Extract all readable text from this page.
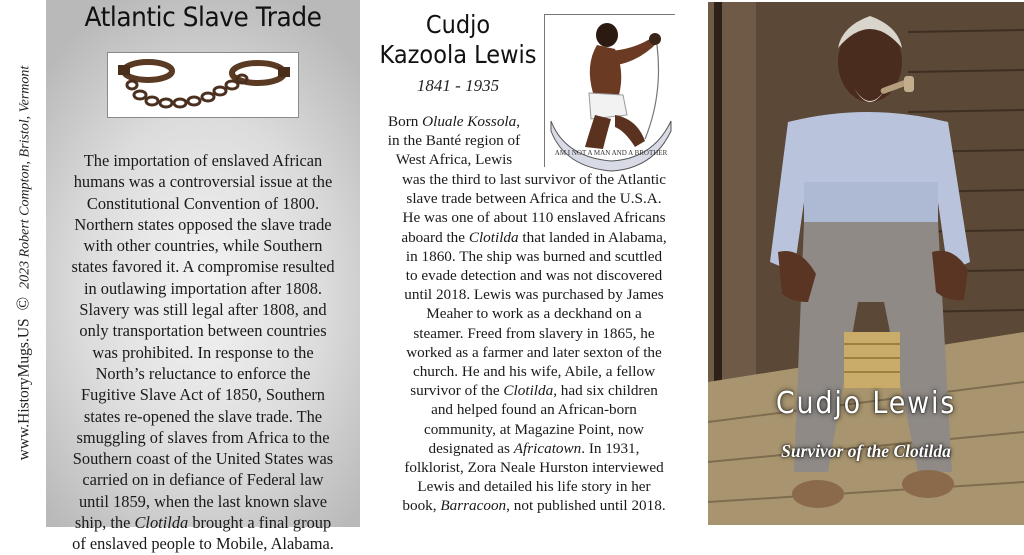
www.HistoryMugs.US © 2023 Robert Compton, Bristol, Vermont
Atlantic Slave Trade

The importation of enslaved African

humans was a controversial issue at the

Constitutional Convention of 1800.

Northern states opposed the slave trade

with other countries, while Southern

states favored it. A compromise resulted

in outlawing importation after 1808.

Slavery was still legal after 1808, and

only transportation between countries

was prohibited. In response to the

North’s reluctance to enforce the

Fugitive Slave Act of 1850, Southern

states re-opened the slave trade. The

smuggling of slaves from Africa to the

Southern coast of the United States was

carried on in defiance of Federal law

until 1859, when the last known slave

ship, the Clotilda brought a final group

of enslaved people to Mobile, Alabama.

Cudjo
Kazoola Lewis
1841 - 1935
AM I NOT A MAN AND A BROTHER

Born Oluale Kossola,

in the Banté region of

West Africa, Lewis

was the third to last survivor of the Atlantic

slave trade between Africa and the U.S.A.

He was one of about 110 enslaved Africans

aboard the Clotilda that landed in Alabama,

in 1860. The ship was burned and scuttled

to evade detection and was not discovered

until 2018. Lewis was purchased by James

Meaher to work as a deckhand on a

steamer. Freed from slavery in 1865, he

worked as a farmer and later sexton of the

church. He and his wife, Abile, a fellow

survivor of the Clotilda, had six children

and helped found an African-born

community, at Magazine Point, now

designated as Africatown. In 1931,

folklorist, Zora Neale Hurston interviewed

Lewis and detailed his life story in her

book, Barracoon, not published until 2018.

Cudjo Lewis
Survivor of the Clotilda
